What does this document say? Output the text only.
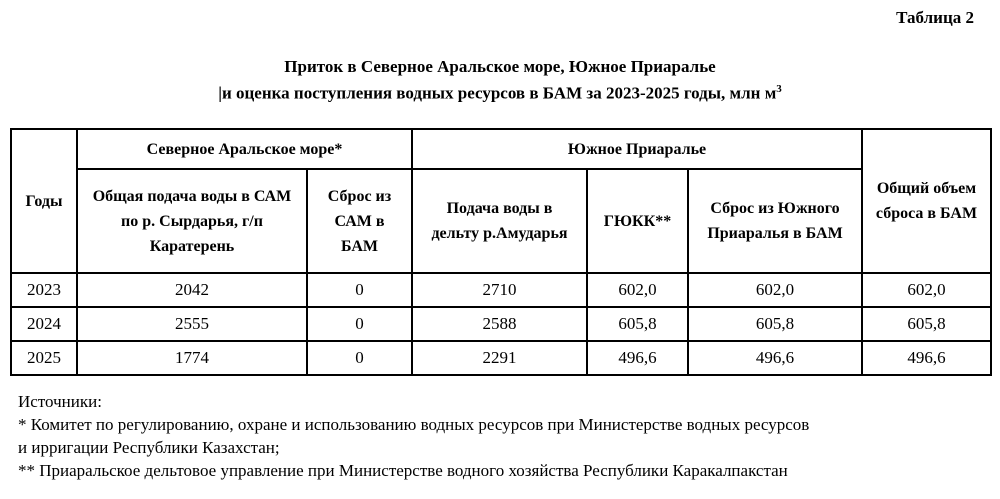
Таблица 2
Приток в Северное Аральское море, Южное Приаралье
|и оценка поступления водных ресурсов в БАМ за 2023-2025 годы, млн $м^3$
Годы	Северное Аральское море*		Южное Приаралье			Общий объем сброса в БАМ
	Общая подача воды в САМ по р. Сырдарья, г/п Каратерень	Сброс из САМ в БАМ	Подача воды в дельту р.Амударья	ГЮКК**	Сброс из Южного Приаралья в БАМ	
2023	2042	0	2710	602,0	602,0	602,0
2024	2555	0	2588	605,8	605,8	605,8
2025	1774	0	2291	496,6	496,6	496,6
Источники:
* Комитет по регулированию, охране и использованию водных ресурсов при Министерстве водных ресурсов
и ирригации Республики Казахстан;
** Приаральское дельтовое управление при Министерстве водного хозяйства Республики Каракалпакстан
